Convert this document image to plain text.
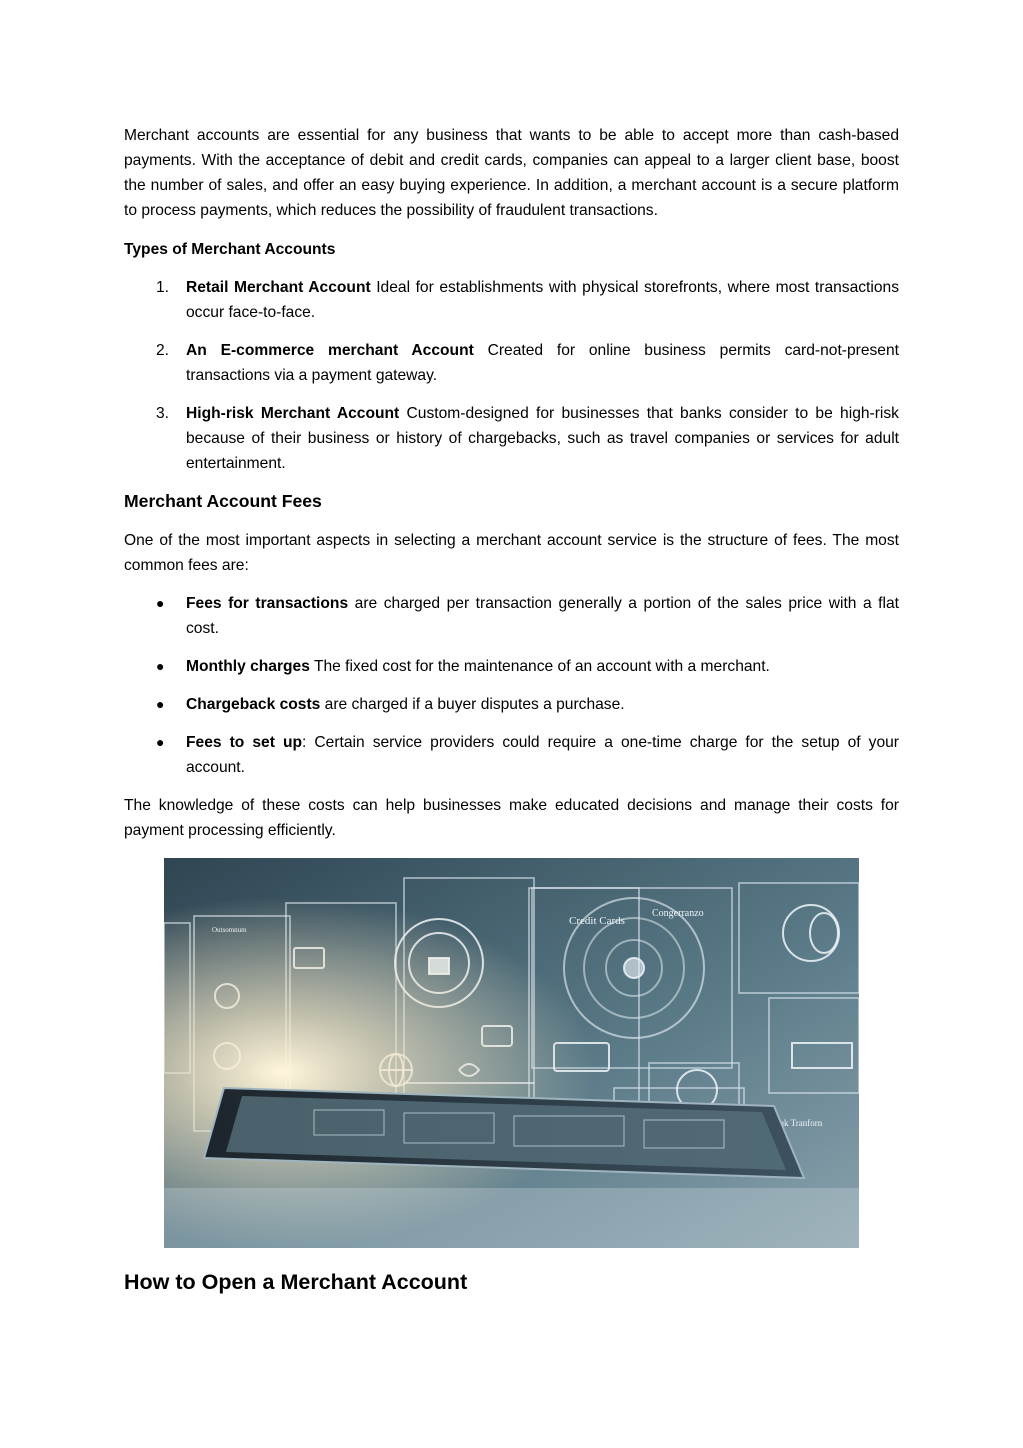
Merchant accounts are essential for any business that wants to be able to accept more than cash-based payments. With the acceptance of debit and credit cards, companies can appeal to a larger client base, boost the number of sales, and offer an easy buying experience. In addition, a merchant account is a secure platform to process payments, which reduces the possibility of fraudulent transactions.

Types of Merchant Accounts
1. Retail Merchant Account Ideal for establishments with physical storefronts, where most transactions occur face-to-face.
2. An E-commerce merchant Account Created for online business permits card-not-present transactions via a payment gateway.
3. High-risk Merchant Account Custom-designed for businesses that banks consider to be high-risk because of their business or history of chargebacks, such as travel companies or services for adult entertainment.
Merchant Account Fees

One of the most important aspects in selecting a merchant account service is the structure of fees. The most common fees are:

● Fees for transactions are charged per transaction generally a portion of the sales price with a flat cost.
● Monthly charges The fixed cost for the maintenance of an account with a merchant.
● Chargeback costs are charged if a buyer disputes a purchase.
● Fees to set up: Certain service providers could require a one-time charge for the setup of your account.

The knowledge of these costs can help businesses make educated decisions and manage their costs for payment processing efficiently.

How to Open a Merchant Account
